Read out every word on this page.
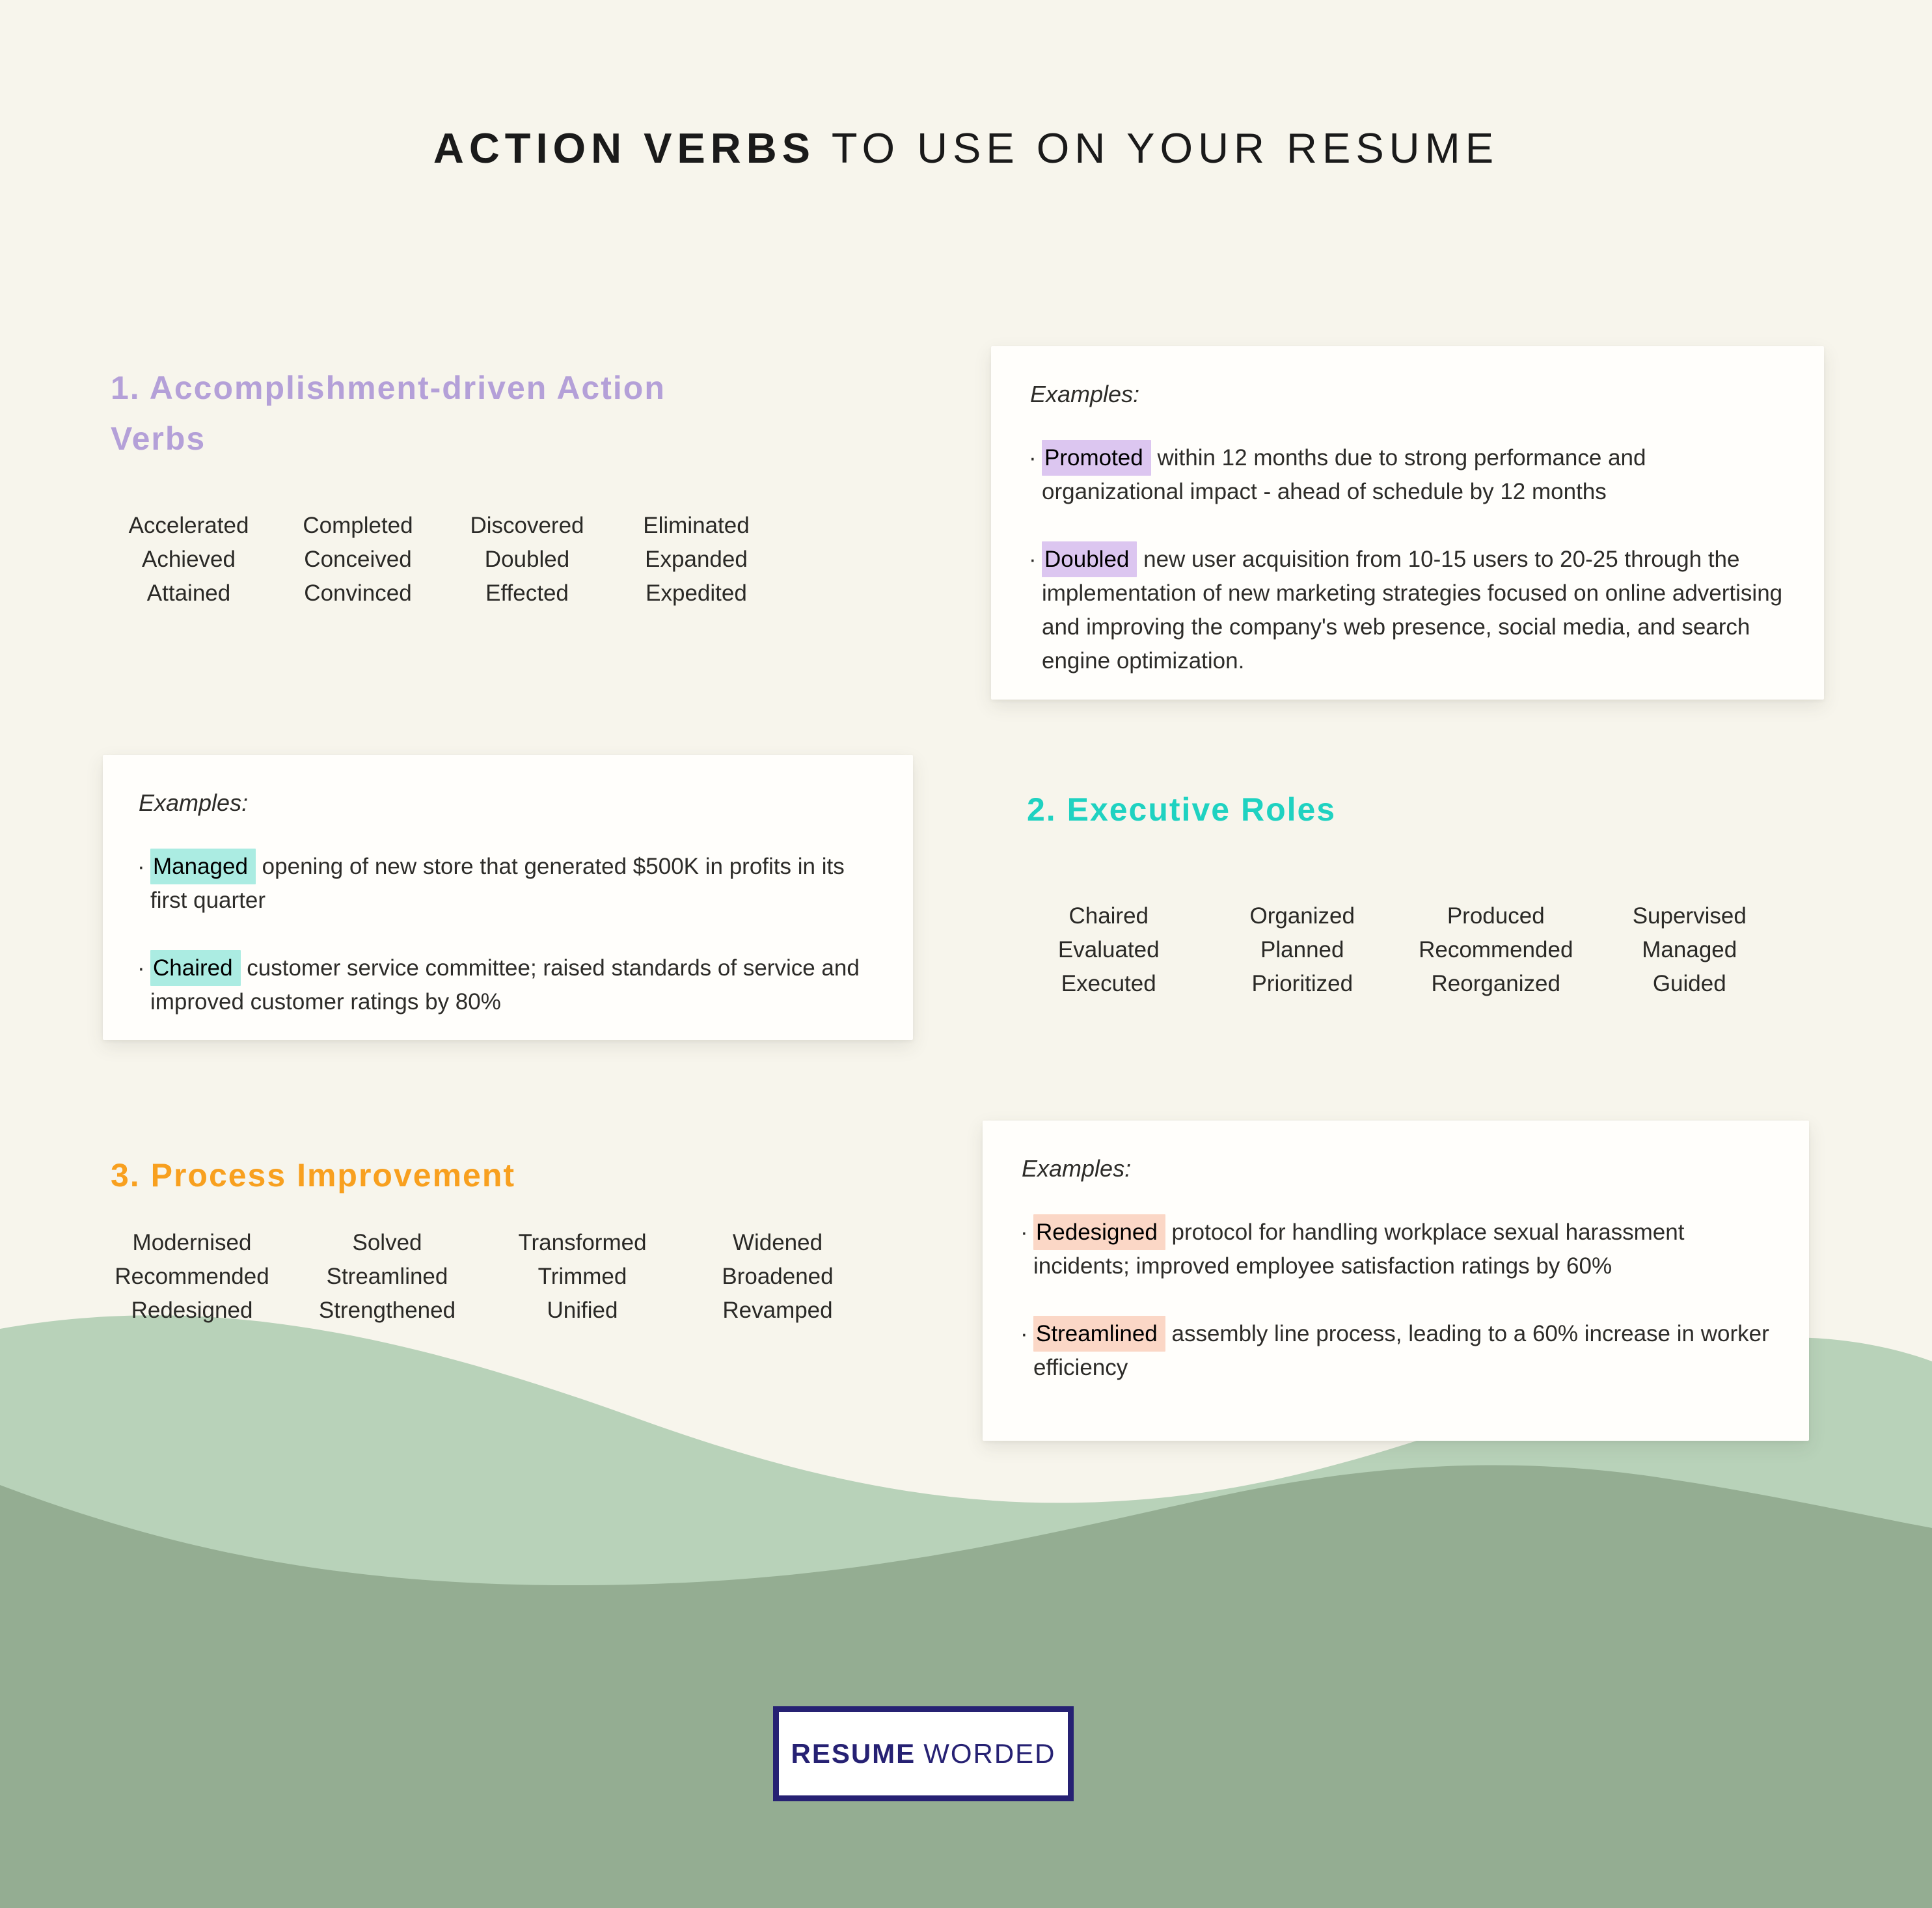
ACTION VERBS TO USE ON YOUR RESUME
1. Accomplishment-driven Action Verbs
Accelerated	Completed	Discovered	Eliminated
Achieved	Conceived	Doubled	Expanded
Attained	Convinced	Effected	Expedited
2. Executive Roles
Chaired	Organized	Produced	Supervised
Evaluated	Planned	Recommended	Managed
Executed	Prioritized	Reorganized	Guided
3. Process Improvement
Modernised	Solved	Transformed	Widened
Recommended	Streamlined	Trimmed	Broadened
Redesigned	Strengthened	Unified	Revamped

Examples:

· Promoted within 12 months due to strong performance and organizational impact - ahead of schedule by 12 months

· Doubled new user acquisition from 10-15 users to 20-25 through the implementation of new marketing strategies focused on online advertising and improving the company's web presence, social media, and search engine optimization.

Examples:

· Managed opening of new store that generated $500K in profits in its first quarter

· Chaired customer service committee; raised standards of service and improved customer ratings by 80%

Examples:

· Redesigned protocol for handling workplace sexual harassment incidents; improved employee satisfaction ratings by 60%

· Streamlined assembly line process, leading to a 60% increase in worker efficiency

RESUME WORDED
